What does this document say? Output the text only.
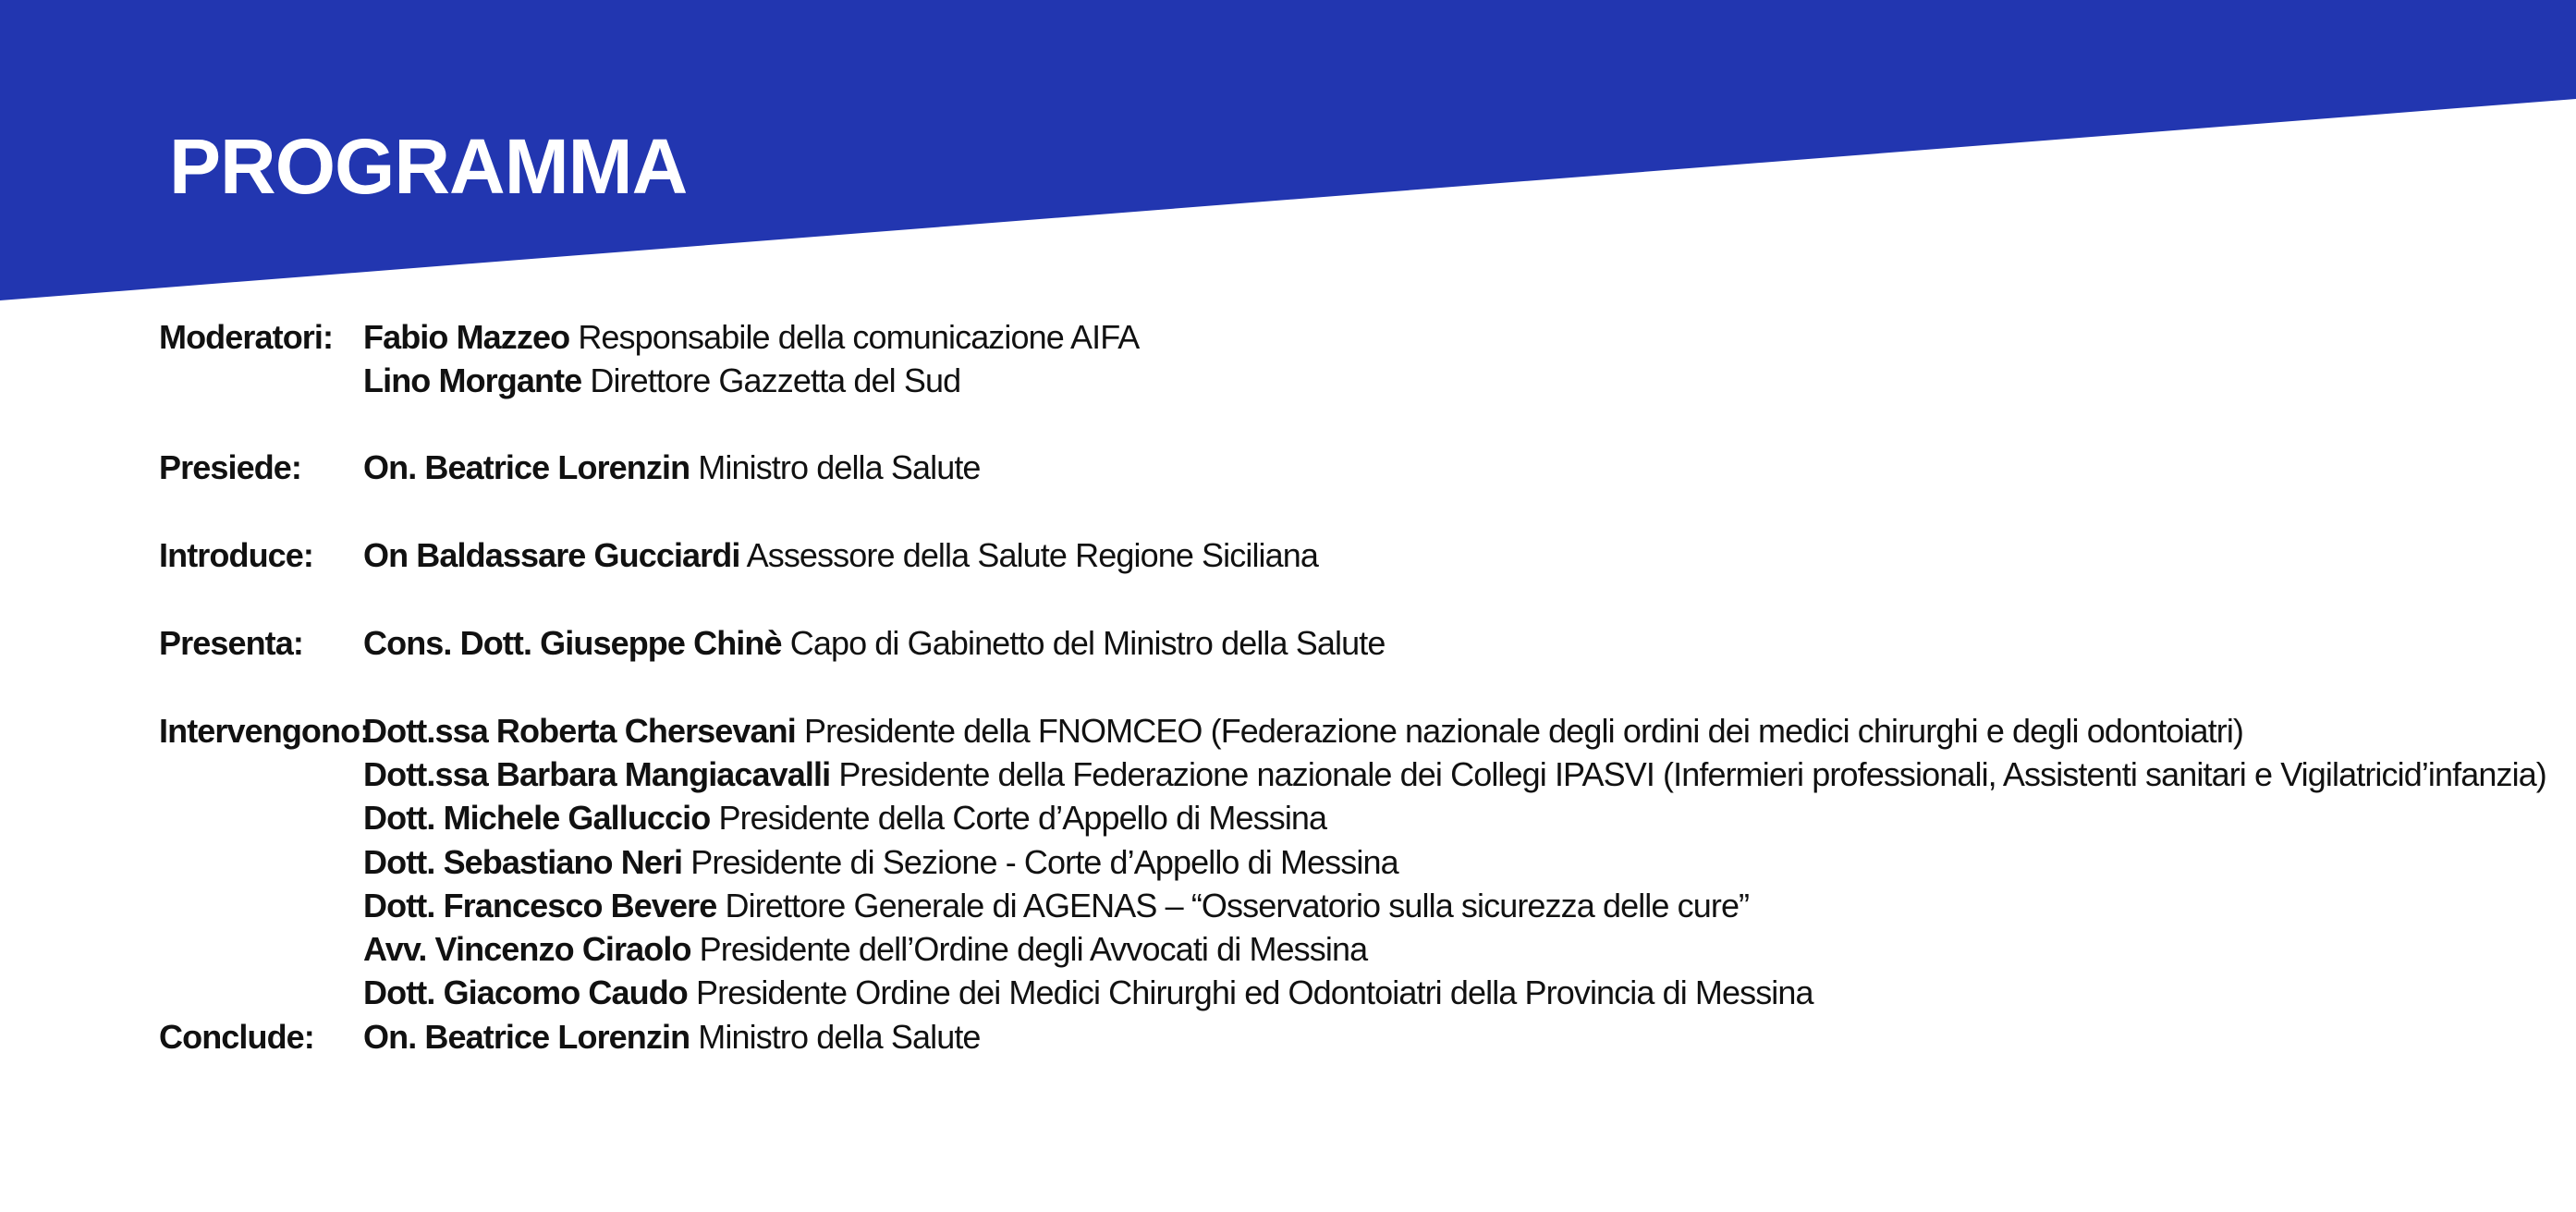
PROGRAMMA
Moderatori: Fabio Mazzeo Responsabile della comunicazione AIFA
Lino Morgante Direttore Gazzetta del Sud
Presiede: On. Beatrice Lorenzin Ministro della Salute
Introduce: On Baldassare Gucciardi Assessore della Salute Regione Siciliana
Presenta: Cons. Dott. Giuseppe Chinè Capo di Gabinetto del Ministro della Salute
Intervengono:
Dott.ssa Roberta Chersevani Presidente della FNOMCEO (Federazione nazionale degli ordini dei medici chirurghi e degli odontoiatri)
Dott.ssa Barbara Mangiacavalli Presidente della Federazione nazionale dei Collegi IPASVI (Infermieri professionali, Assistenti sanitari e Vigilatricid’infanzia)
Dott. Michele Galluccio Presidente della Corte d’Appello di Messina
Dott. Sebastiano Neri Presidente di Sezione - Corte d’Appello di Messina
Dott. Francesco Bevere Direttore Generale di AGENAS – “Osservatorio sulla sicurezza delle cure”
Avv. Vincenzo Ciraolo Presidente dell’Ordine degli Avvocati di Messina
Dott. Giacomo Caudo Presidente Ordine dei Medici Chirurghi ed Odontoiatri della Provincia di Messina
Conclude: On. Beatrice Lorenzin Ministro della Salute
